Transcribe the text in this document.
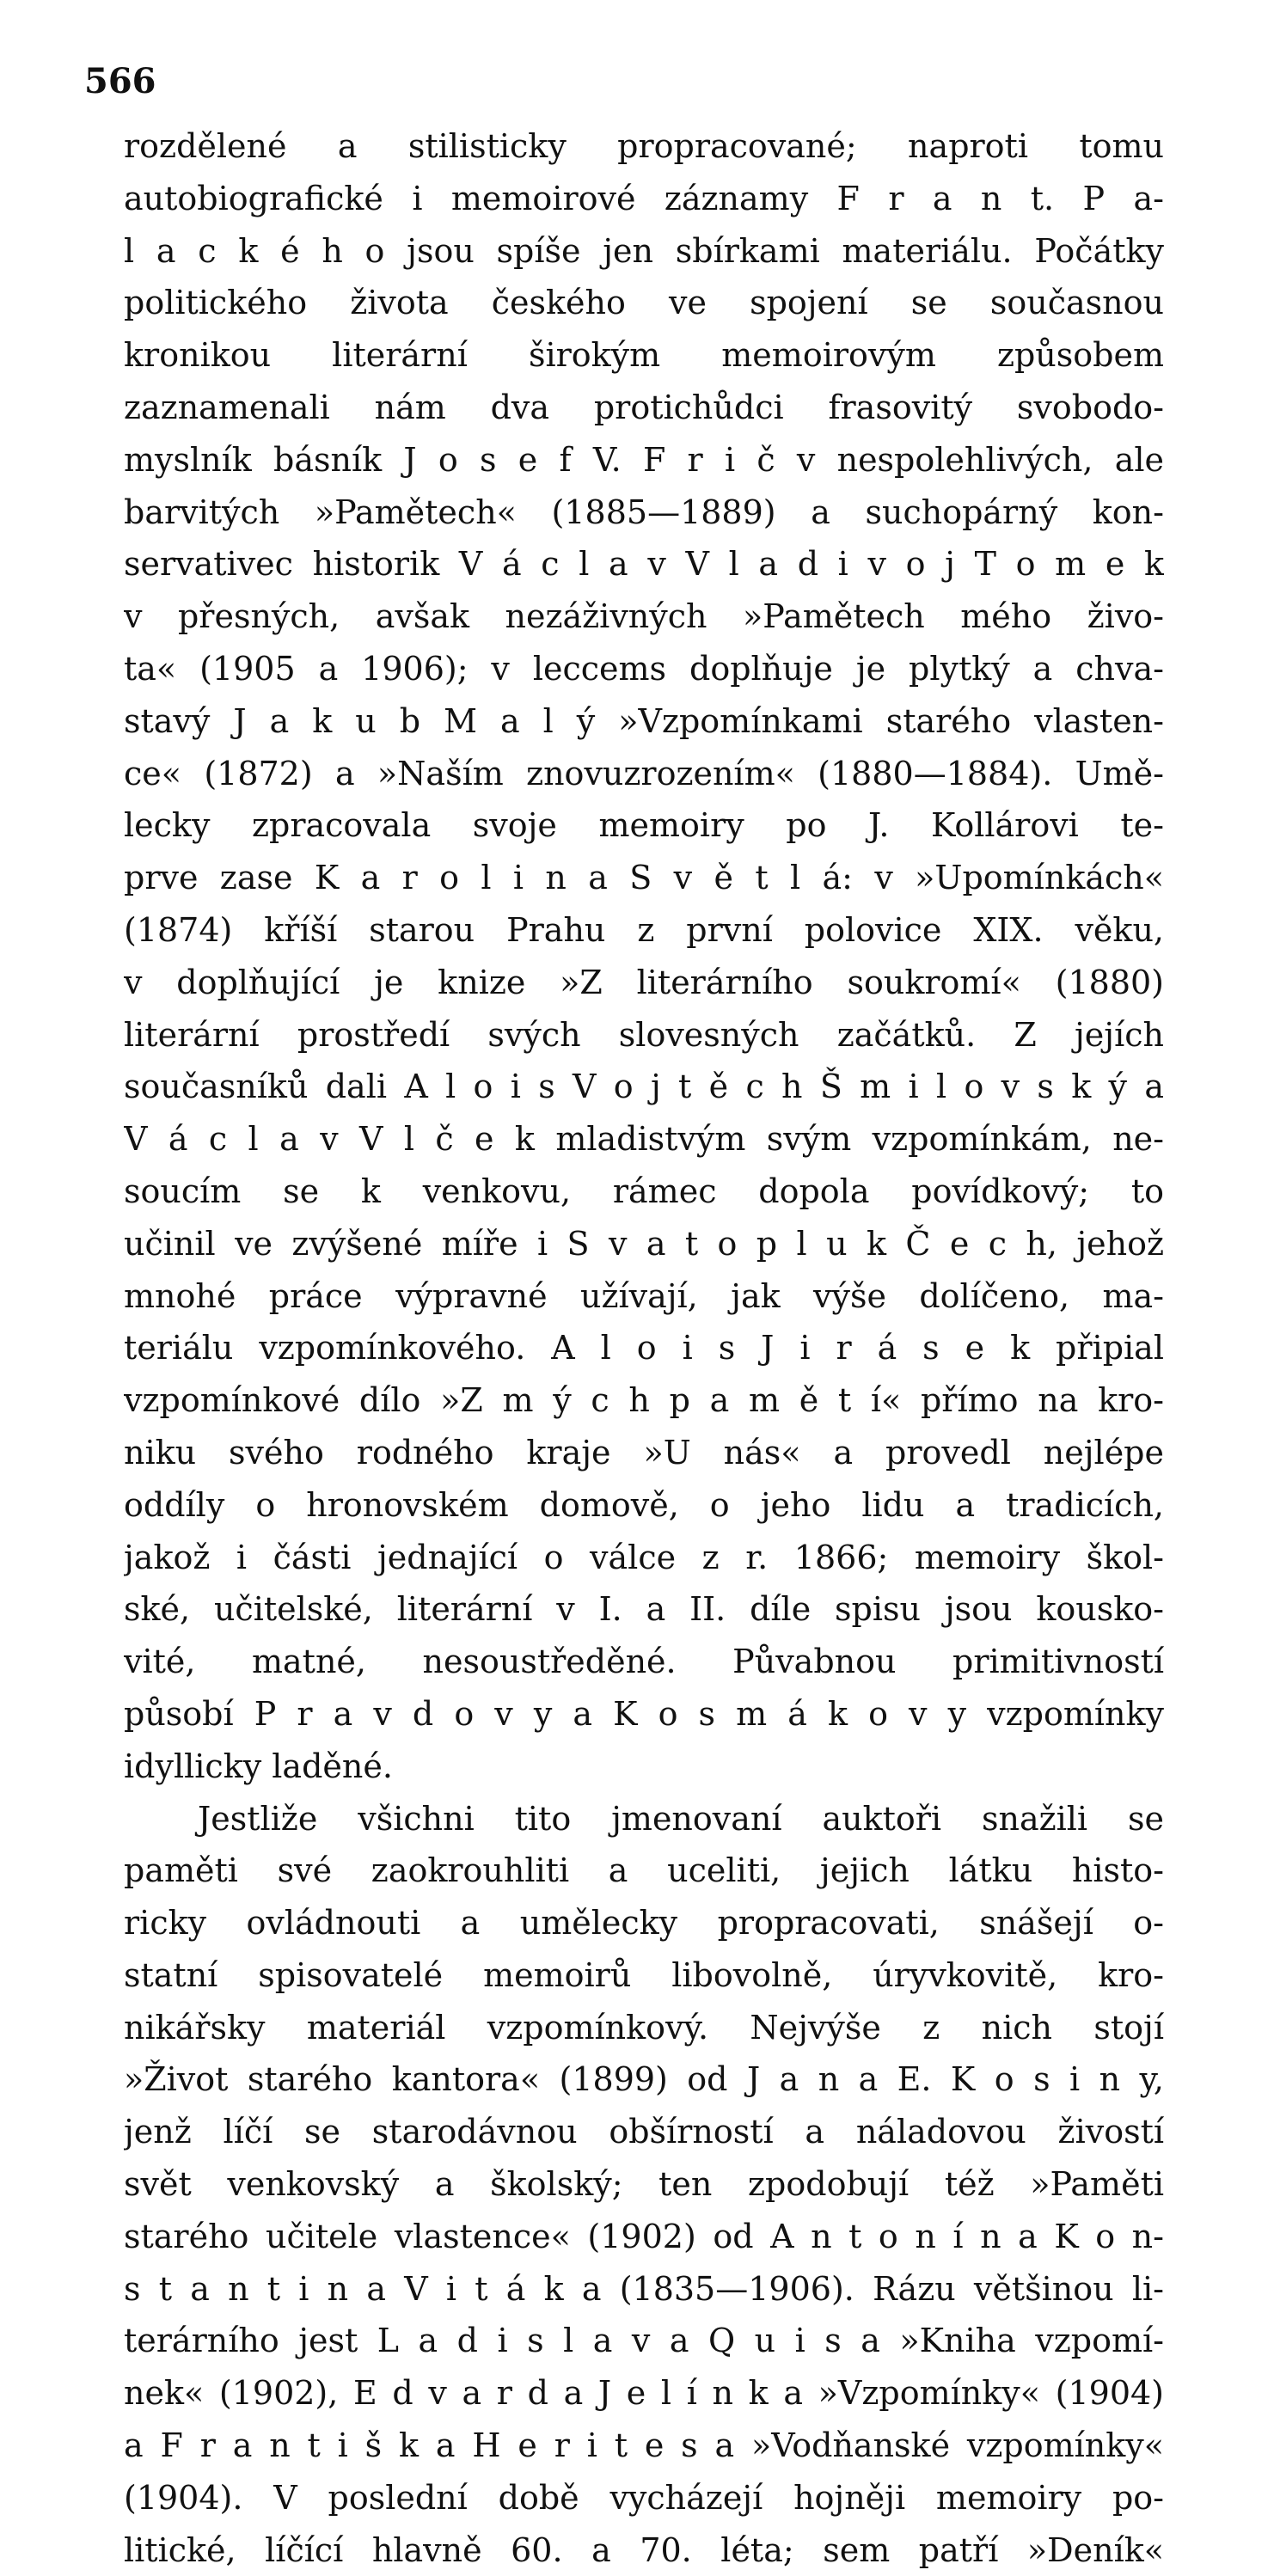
566
rozdělené a stilisticky propracované; naproti tomu
autobiografické i memoirové záznamy F r a n t. P a-
l a c k é h o jsou spíše jen sbírkami materiálu. Počátky
politického života českého ve spojení se současnou
kronikou literární širokým memoirovým způsobem
zaznamenali nám dva protichůdci frasovitý svobodo-
myslník básník J o s e f V. F r i č v nespolehlivých, ale
barvitých »Pamětech« (1885—1889) a suchopárný kon-
servativec historik V á c l a v V l a d i v o j T o m e k
v přesných, avšak nezáživných »Pamětech mého živo-
ta« (1905 a 1906); v leccems doplňuje je plytký a chva-
stavý J a k u b M a l ý »Vzpomínkami starého vlasten-
ce« (1872) a »Naším znovuzrozením« (1880—1884). Umě-
lecky zpracovala svoje memoiry po J. Kollárovi te-
prve zase K a r o l i n a S v ě t l á: v »Upomínkách«
(1874) kříší starou Prahu z první polovice XIX. věku,
v doplňující je knize »Z literárního soukromí« (1880)
literární prostředí svých slovesných začátků. Z jejích
současníků dali A l o i s V o j t ě c h Š m i l o v s k ý a
V á c l a v V l č e k mladistvým svým vzpomínkám, ne-
soucím se k venkovu, rámec dopola povídkový; to
učinil ve zvýšené míře i S v a t o p l u k Č e c h, jehož
mnohé práce výpravné užívají, jak výše dolíčeno, ma-
teriálu vzpomínkového. A l o i s J i r á s e k připial
vzpomínkové dílo »Z m ý c h p a m ě t í« přímo na kro-
niku svého rodného kraje »U nás« a provedl nejlépe
oddíly o hronovském domově, o jeho lidu a tradicích,
jakož i části jednající o válce z r. 1866; memoiry škol-
ské, učitelské, literární v I. a II. díle spisu jsou kousko-
vité, matné, nesoustředěné. Půvabnou primitivností
působí P r a v d o v y a K o s m á k o v y vzpomínky
idyllicky laděné.
Jestliže všichni tito jmenovaní auktoři snažili se
paměti své zaokrouhliti a uceliti, jejich látku histo-
ricky ovládnouti a umělecky propracovati, snášejí o-
statní spisovatelé memoirů libovolně, úryvkovitě, kro-
nikářsky materiál vzpomínkový. Nejvýše z nich stojí
»Život starého kantora« (1899) od J a n a E. K o s i n y,
jenž líčí se starodávnou obšírností a náladovou živostí
svět venkovský a školský; ten zpodobují též »Paměti
starého učitele vlastence« (1902) od A n t o n í n a K o n-
s t a n t i n a V i t á k a (1835—1906). Rázu většinou li-
terárního jest L a d i s l a v a Q u i s a »Kniha vzpomí-
nek« (1902), E d v a r d a J e l í n k a »Vzpomínky« (1904)
a F r a n t i š k a H e r i t e s a »Vodňanské vzpomínky«
(1904). V poslední době vycházejí hojněji memoiry po-
litické, líčící hlavně 60. a 70. léta; sem patří »Deník«
